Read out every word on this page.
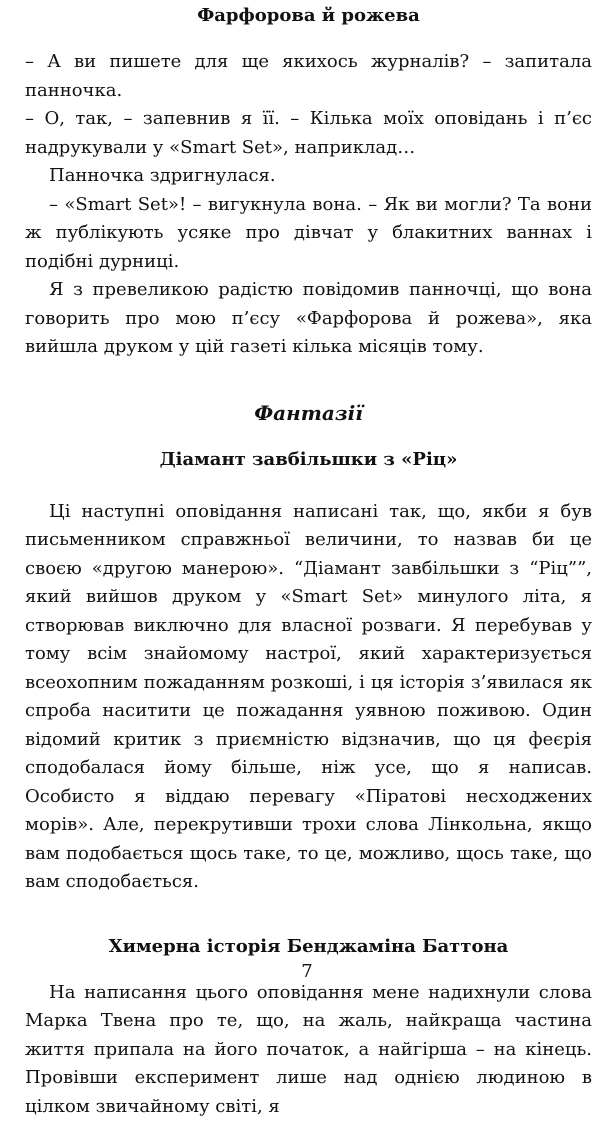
Фарфорова й рожева

– А ви пишете для ще якихось журналів? – запитала панночка.

– О, так, – запевнив я її. – Кілька моїх оповідань і п’єс надрукували у «Smart Set», наприклад…

Панночка здригнулася.

– «Smart Set»! – вигукнула вона. – Як ви могли? Та вони ж публікують усяке про дівчат у блакитних ваннах і подібні дурниці.

Я з превеликою радістю повідомив панночці, що вона говорить про мою п’єсу «Фарфорова й рожева», яка вийшла друком у цій газеті кілька місяців тому.

Фантазії
Діамант завбільшки з «Ріц»

Ці наступні оповідання написані так, що, якби я був письменником справжньої величини, то назвав би це своєю «другою манерою». “Діамант завбільшки з “Ріц””, який вийшов друком у «Smart Set» минулого літа, я створював виключно для власної розваги. Я перебував у тому всім знайомому настрої, який характеризується всеохопним пожаданням розкоші, і ця історія з’явилася як спроба наситити це пожадання уявною поживою. Один відомий критик з приємністю відзначив, що ця феєрія сподобалася йому більше, ніж усе, що я написав. Особисто я віддаю перевагу «Піратові несходжених морів». Але, перекрутивши трохи слова Лінкольна, якщо вам подобається щось таке, то це, можливо, щось таке, що вам сподобається.

Химерна історія Бенджаміна Баттона

На написання цього оповідання мене надихнули слова Марка Твена про те, що, на жаль, найкраща частина життя припала на його початок, а найгірша – на кінець. Провівши експеримент лише над однією людиною в цілком звичайному світі, я

7
